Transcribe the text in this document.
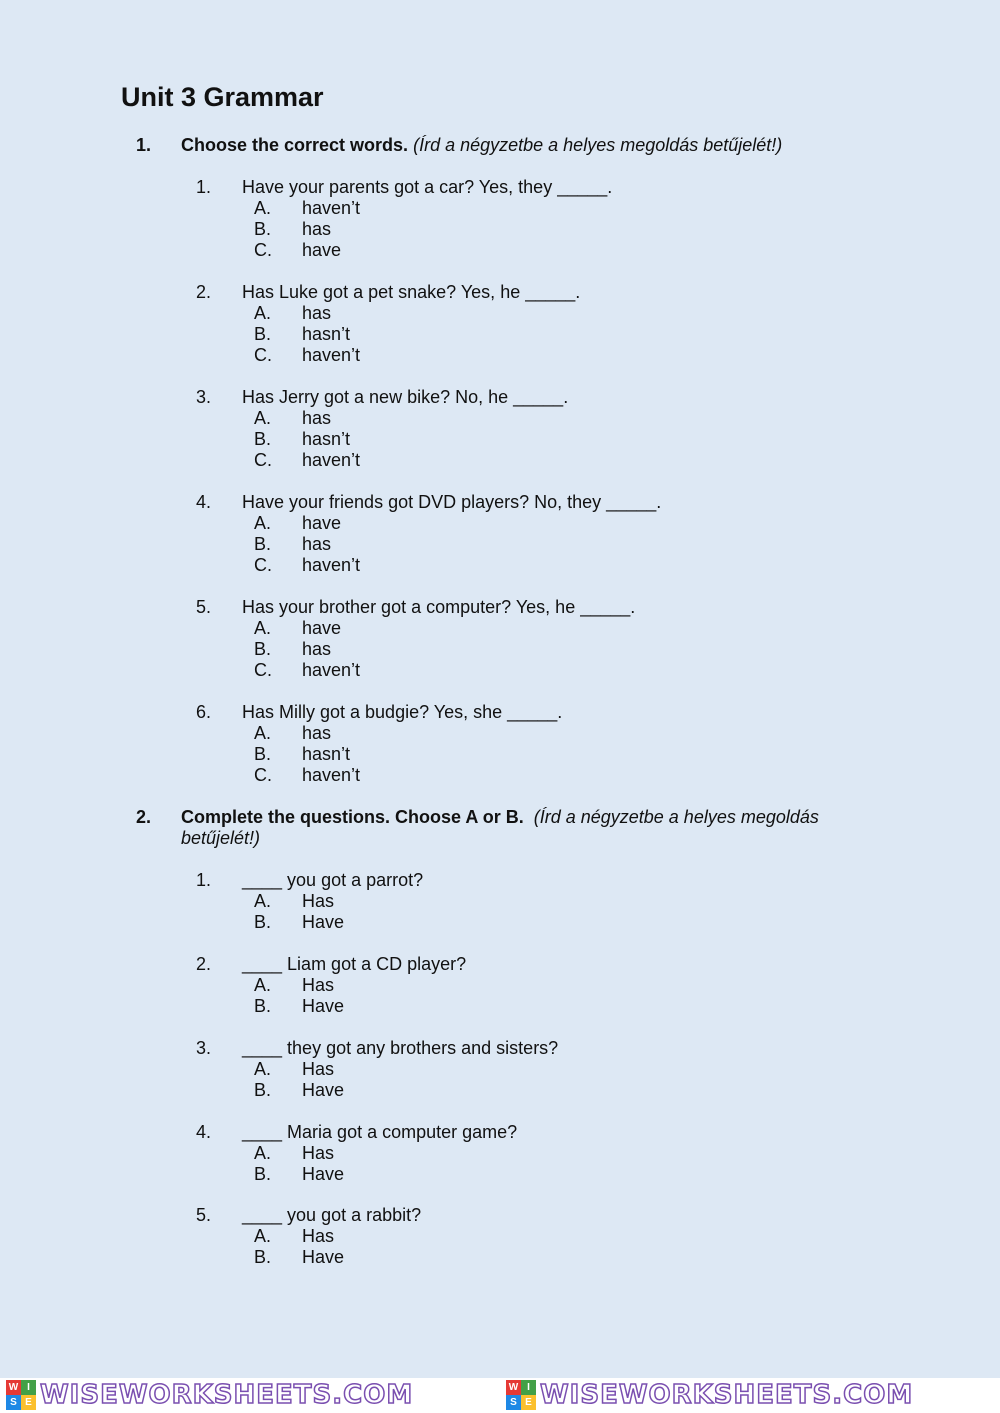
Unit 3 Grammar
1. Choose the correct words. (Írd a négyzetbe a helyes megoldás betűjelét!)
1. Have your parents got a car? Yes, they _____.
A. haven’t
B. has
C. have
2. Has Luke got a pet snake? Yes, he _____.
A. has
B. hasn’t
C. haven’t
3. Has Jerry got a new bike? No, he _____.
A. has
B. hasn’t
C. haven’t
4. Have your friends got DVD players? No, they _____.
A. have
B. has
C. haven’t
5. Has your brother got a computer? Yes, he _____.
A. have
B. has
C. haven’t
6. Has Milly got a budgie? Yes, she _____.
A. has
B. hasn’t
C. haven’t
2. Complete the questions. Choose A or B. (Írd a négyzetbe a helyes megoldás betűjelét!)
1. ____ you got a parrot?
A. Has
B. Have
2. ____ Liam got a CD player?
A. Has
B. Have
3. ____ they got any brothers and sisters?
A. Has
B. Have
4. ____ Maria got a computer game?
A. Has
B. Have
5. ____ you got a rabbit?
A. Has
B. Have
W I
S E WISEWORKSHEETS.COM	W I
S E WISEWORKSHEETS.COM
